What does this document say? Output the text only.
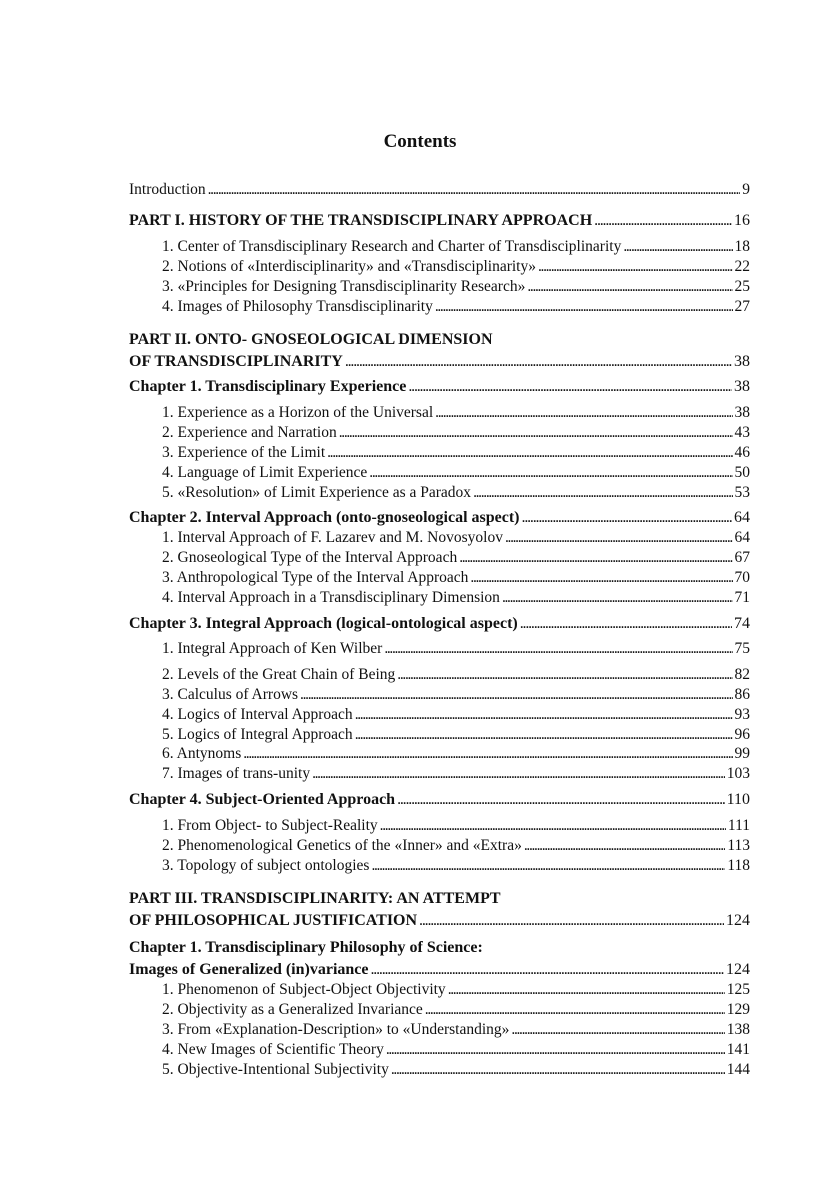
Contents
Introduction . . .	9
PART I. HISTORY OF THE TRANSDISCIPLINARY APPROACH . . .	16
1. Center of Transdisciplinary Research and Charter of Transdisciplinarity . . .	18
2. Notions of «Interdisciplinarity» and «Transdisciplinarity» . . .	22
3. «Principles for Designing Transdisciplinarity Research» . . .	25
4. Images of Philosophy Transdisciplinarity . . .	27
PART II. ONTO- GNOSEOLOGICAL DIMENSION
OF TRANSDISCIPLINARITY . . .	38
Chapter 1. Transdisciplinary Experience . . .	38
1. Experience as a Horizon of the Universal . . .	38
2. Experience and Narration . . .	43
3. Experience of the Limit . . .	46
4. Language of Limit Experience . . .	50
5. «Resolution» of Limit Experience as a Paradox . . .	53
Chapter 2. Interval Approach (onto-gnoseological aspect) . . .	64
1. Interval Approach of F. Lazarev and M. Novosyolov . . .	64
2. Gnoseological Type of the Interval Approach . . .	67
3. Anthropological Type of the Interval Approach . . .	70
4. Interval Approach in a Transdisciplinary Dimension . . .	71
Chapter 3. Integral Approach (logical-ontological aspect) . . .	74
1. Integral Approach of Ken Wilber . . .	75
2. Levels of the Great Chain of Being . . .	82
3. Calculus of Arrows . . .	86
4. Logics of Interval Approach . . .	93
5. Logics of Integral Approach . . .	96
6. Antynoms . . .	99
7. Images of trans-unity . . .	103
Chapter 4. Subject-Oriented Approach . . .	110
1. From Object- to Subject-Reality . . .	111
2. Phenomenological Genetics of the «Inner» and «Extra» . . .	113
3. Topology of subject ontologies . . .	118
PART III. TRANSDISCIPLINARITY: AN ATTEMPT
OF PHILOSOPHICAL JUSTIFICATION . . .	124
Chapter 1. Transdisciplinary Philosophy of Science:
Images of Generalized (in)variance . . .	124
1. Phenomenon of Subject-Object Objectivity . . .	125
2. Objectivity as a Generalized Invariance . . .	129
3. From «Explanation-Description» to «Understanding» . . .	138
4. New Images of Scientific Theory . . .	141
5. Objective-Intentional Subjectivity . . .	144
